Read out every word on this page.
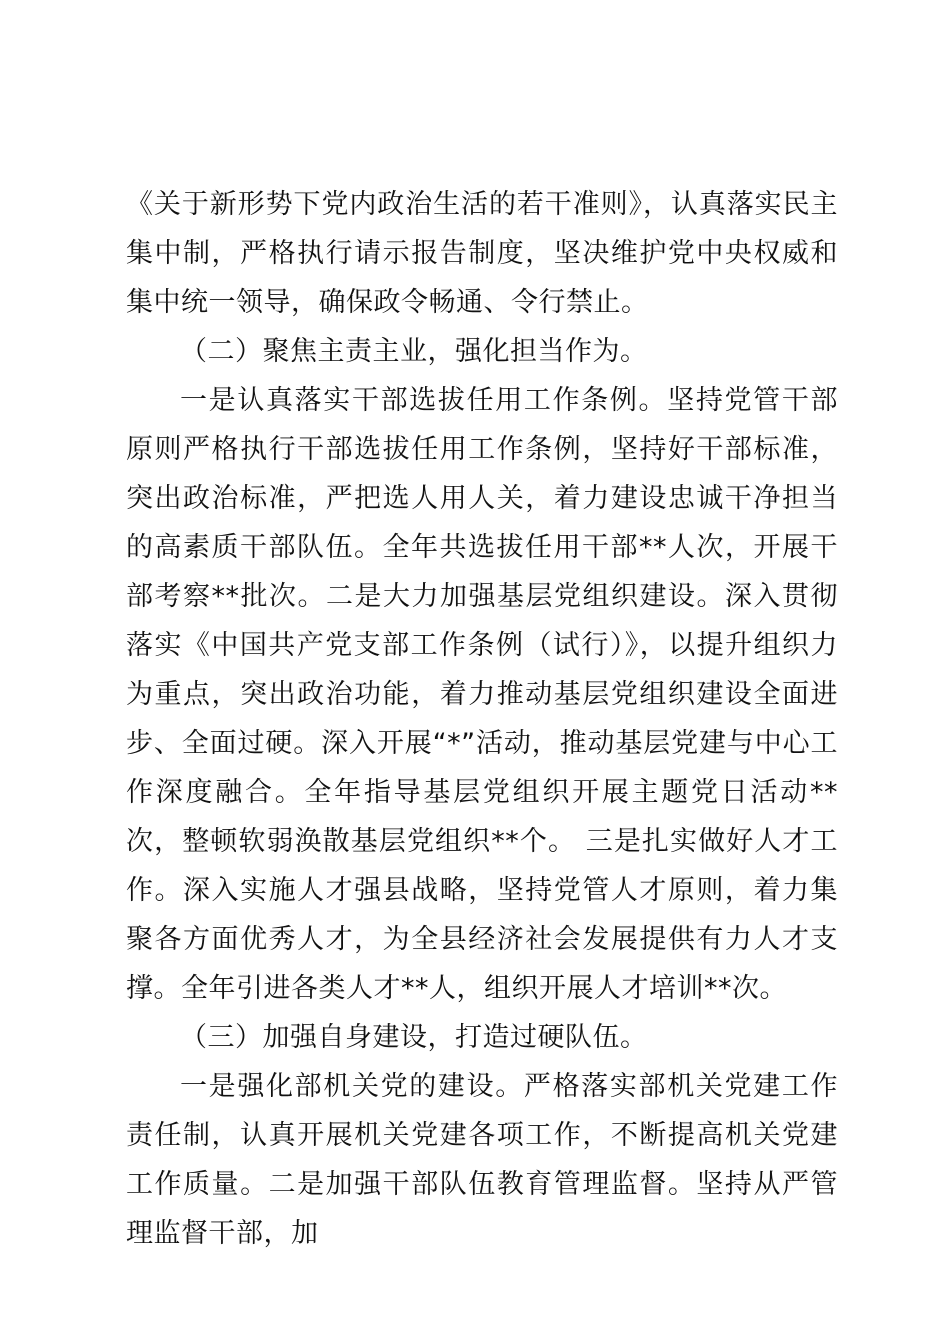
《关于新形势下党内政治生活的若干准则》，认真落实民主集中制，严格执行请示报告制度，坚决维护党中央权威和集中统一领导，确保政令畅通、令行禁止。

（二）聚焦主责主业，强化担当作为。

一是认真落实干部选拔任用工作条例。坚持党管干部原则严格执行干部选拔任用工作条例，坚持好干部标准，突出政治标准，严把选人用人关，着力建设忠诚干净担当的高素质干部队伍。全年共选拔任用干部**人次，开展干部考察**批次。二是大力加强基层党组织建设。深入贯彻落实《中国共产党支部工作条例（试行）》，以提升组织力为重点，突出政治功能，着力推动基层党组织建设全面进步、全面过硬。深入开展“*”活动，推动基层党建与中心工作深度融合。全年指导基层党组织开展主题党日活动**次，整顿软弱涣散基层党组织**个。 三是扎实做好人才工作。深入实施人才强县战略，坚持党管人才原则，着力集聚各方面优秀人才，为全县经济社会发展提供有力人才支撑。全年引进各类人才**人，组织开展人才培训**次。

（三）加强自身建设，打造过硬队伍。

一是强化部机关党的建设。严格落实部机关党建工作责任制，认真开展机关党建各项工作，不断提高机关党建工作质量。二是加强干部队伍教育管理监督。坚持从严管理监督干部，加
